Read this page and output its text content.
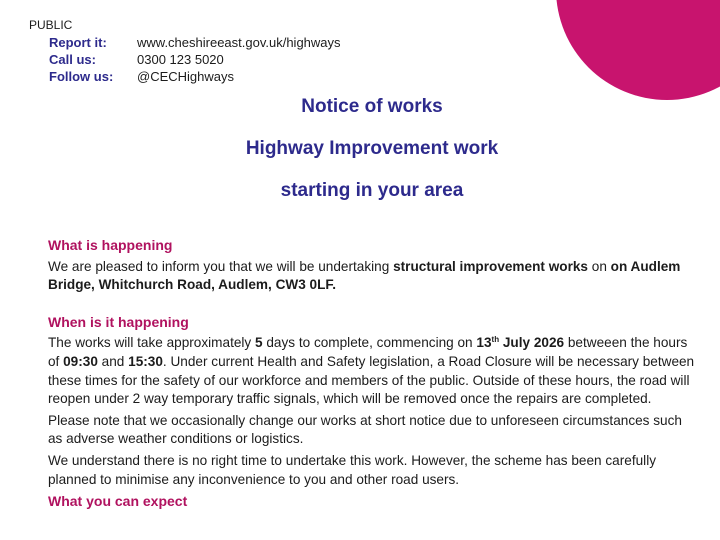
PUBLIC
Report it:	www.cheshireeast.gov.uk/highways
Call us:	0300 123 5020
Follow us:	@CECHighways
Notice of works
Highway Improvement work
starting in your area
What is happening
We are pleased to inform you that we will be undertaking structural improvement works on on Audlem Bridge, Whitchurch Road, Audlem, CW3 0LF.
When is it happening
The works will take approximately 5 days to complete, commencing on 13th July 2026 betweeen the hours of 09:30 and 15:30. Under current Health and Safety legislation, a Road Closure will be necessary between these times for the safety of our workforce and members of the public. Outside of these hours, the road will reopen under 2 way temporary traffic signals, which will be removed once the repairs are completed.
Please note that we occasionally change our works at short notice due to unforeseen circumstances such as adverse weather conditions or logistics.
We understand there is no right time to undertake this work. However, the scheme has been carefully planned to minimise any inconvenience to you and other road users.
What you can expect
